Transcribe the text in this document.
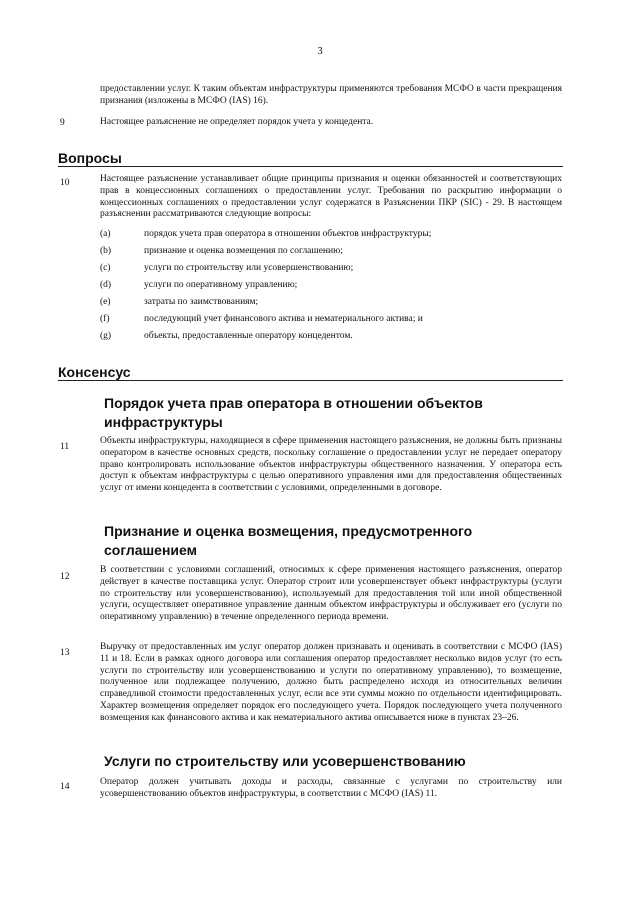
3
предоставлении услуг. К таким объектам инфраструктуры применяются требования МСФО в части прекращения признания (изложены в МСФО (IAS) 16).
9	Настоящее разъяснение не определяет порядок учета у концедента.
Вопросы
10	Настоящее разъяснение устанавливает общие принципы признания и оценки обязанностей и соответствующих прав в концессионных соглашениях о предоставлении услуг. Требования по раскрытию информации о концессионных соглашениях о предоставлении услуг содержатся в Разъяснении ПКР (SIC) - 29. В настоящем разъяснении рассматриваются следующие вопросы:
(a)	порядок учета прав оператора в отношении объектов инфраструктуры;
(b)	признание и оценка возмещения по соглашению;
(c)	услуги по строительству или усовершенствованию;
(d)	услуги по оперативному управлению;
(e)	затраты по заимствованиям;
(f)	последующий учет финансового актива и нематериального актива; и
(g)	объекты, предоставленные оператору концедентом.
Консенсус
Порядок учета прав оператора в отношении объектов инфраструктуры
11
Объекты инфраструктуры, находящиеся в сфере применения настоящего разъяснения, не должны быть признаны оператором в качестве основных средств, поскольку соглашение о предоставлении услуг не передает оператору право контролировать использование объектов инфраструктуры общественного назначения. У оператора есть доступ к объектам инфраструктуры с целью оперативного управления ими для предоставления общественных услуг от имени концедента в соответствии с условиями, определенными в договоре.
Признание и оценка возмещения, предусмотренного соглашением
12
В соответствии с условиями соглашений, относимых к сфере применения настоящего разъяснения, оператор действует в качестве поставщика услуг. Оператор строит или усовершенствует объект инфраструктуры (услуги по строительству или усовершенствованию), используемый для предоставления той или иной общественной услуги, осуществляет оперативное управление данным объектом инфраструктуры и обслуживает его (услуги по оперативному управлению) в течение определенного периода времени.
13
Выручку от предоставленных им услуг оператор должен признавать и оценивать в соответствии с МСФО (IAS) 11 и 18. Если в рамках одного договора или соглашения оператор предоставляет несколько видов услуг (то есть услуги по строительству или усовершенствованию и услуги по оперативному управлению), то возмещение, полученное или подлежащее получению, должно быть распределено исходя из относительных величин справедливой стоимости предоставленных услуг, если все эти суммы можно по отдельности идентифицировать. Характер возмещения определяет порядок его последующего учета. Порядок последующего учета полученного возмещения как финансового актива и как нематериального актива описывается ниже в пунктах 23–26.
Услуги по строительству или усовершенствованию
14	Оператор должен учитывать доходы и расходы, связанные с услугами по строительству или усовершенствованию объектов инфраструктуры, в соответствии с МСФО (IAS) 11.
